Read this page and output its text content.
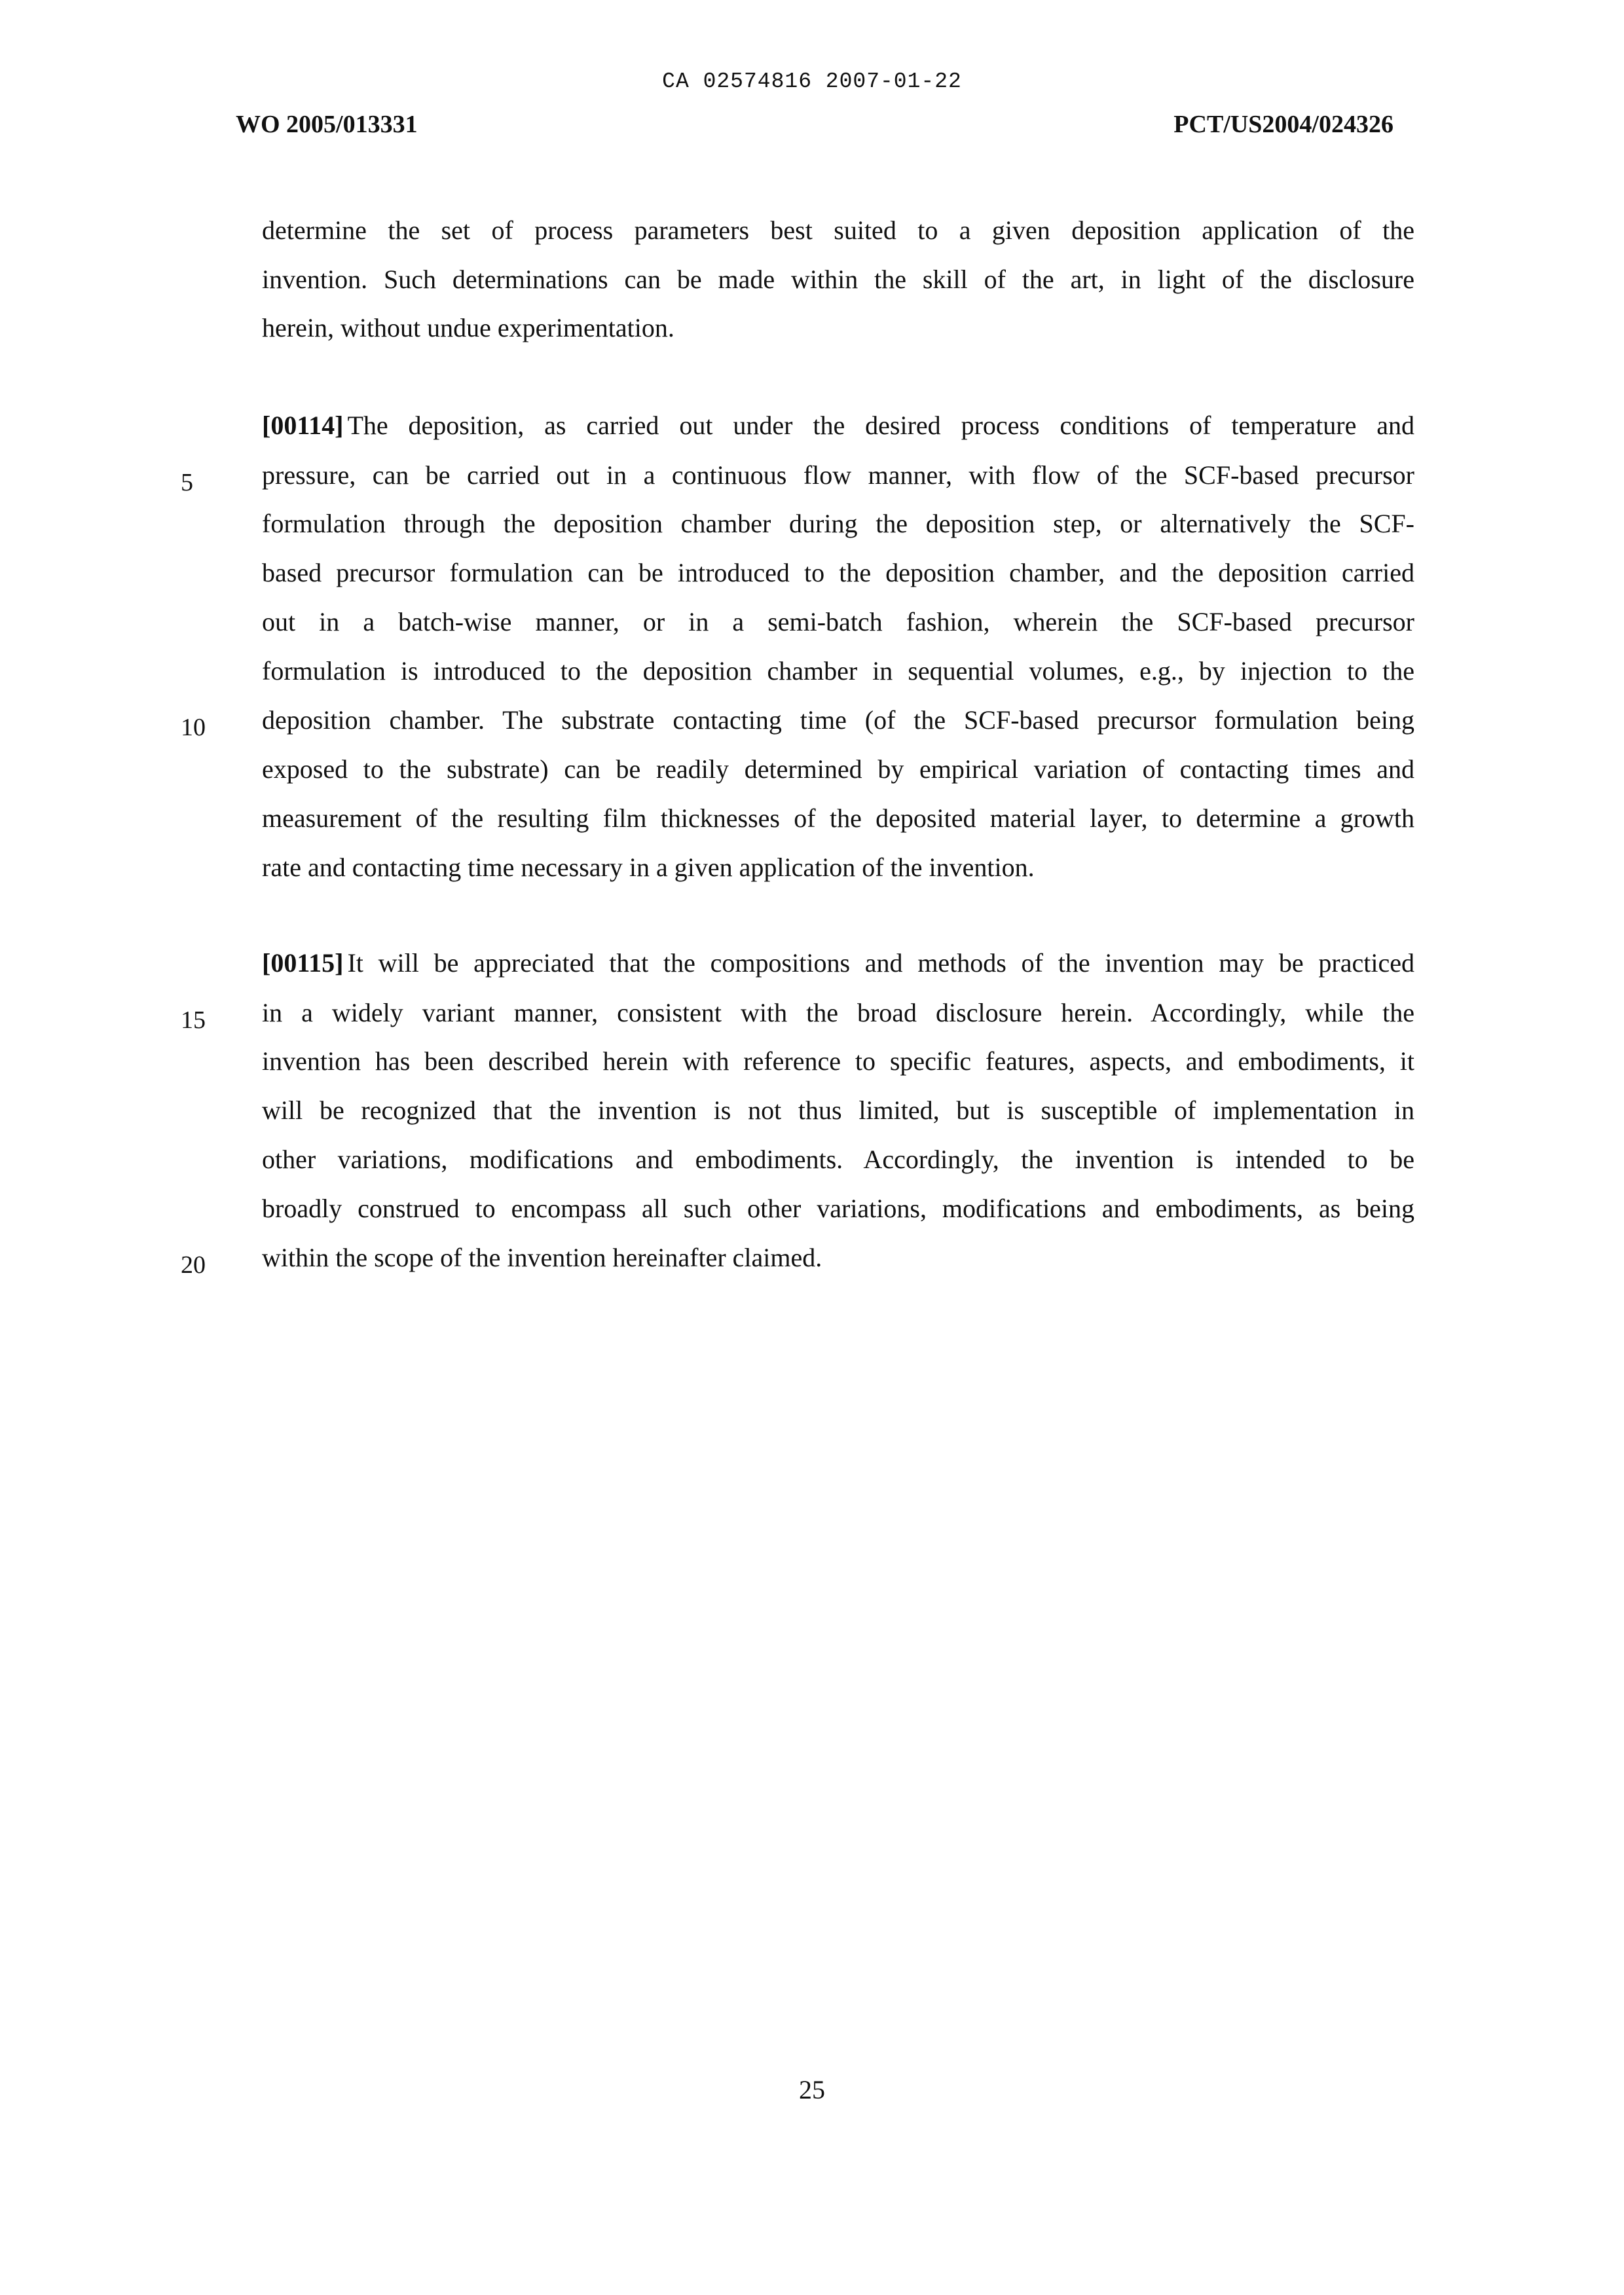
CA 02574816 2007-01-22
WO 2005/013331	PCT/US2004/024326
determine the set of process parameters best suited to a given deposition application of the
invention. Such determinations can be made within the skill of the art, in light of the disclosure
herein, without undue experimentation.
[00114] The deposition, as carried out under the desired process conditions of temperature and
pressure, can be carried out in a continuous flow manner, with flow of the SCF-based precursor
formulation through the deposition chamber during the deposition step, or alternatively the SCF-
based precursor formulation can be introduced to the deposition chamber, and the deposition carried
out in a batch-wise manner, or in a semi-batch fashion, wherein the SCF-based precursor
formulation is introduced to the deposition chamber in sequential volumes, e.g., by injection to the
deposition chamber. The substrate contacting time (of the SCF-based precursor formulation being
exposed to the substrate) can be readily determined by empirical variation of contacting times and
measurement of the resulting film thicknesses of the deposited material layer, to determine a growth
rate and contacting time necessary in a given application of the invention.
[00115] It will be appreciated that the compositions and methods of the invention may be practiced
in a widely variant manner, consistent with the broad disclosure herein. Accordingly, while the
invention has been described herein with reference to specific features, aspects, and embodiments, it
will be recognized that the invention is not thus limited, but is susceptible of implementation in
other variations, modifications and embodiments. Accordingly, the invention is intended to be
broadly construed to encompass all such other variations, modifications and embodiments, as being
within the scope of the invention hereinafter claimed.
5
10
15
20
25
